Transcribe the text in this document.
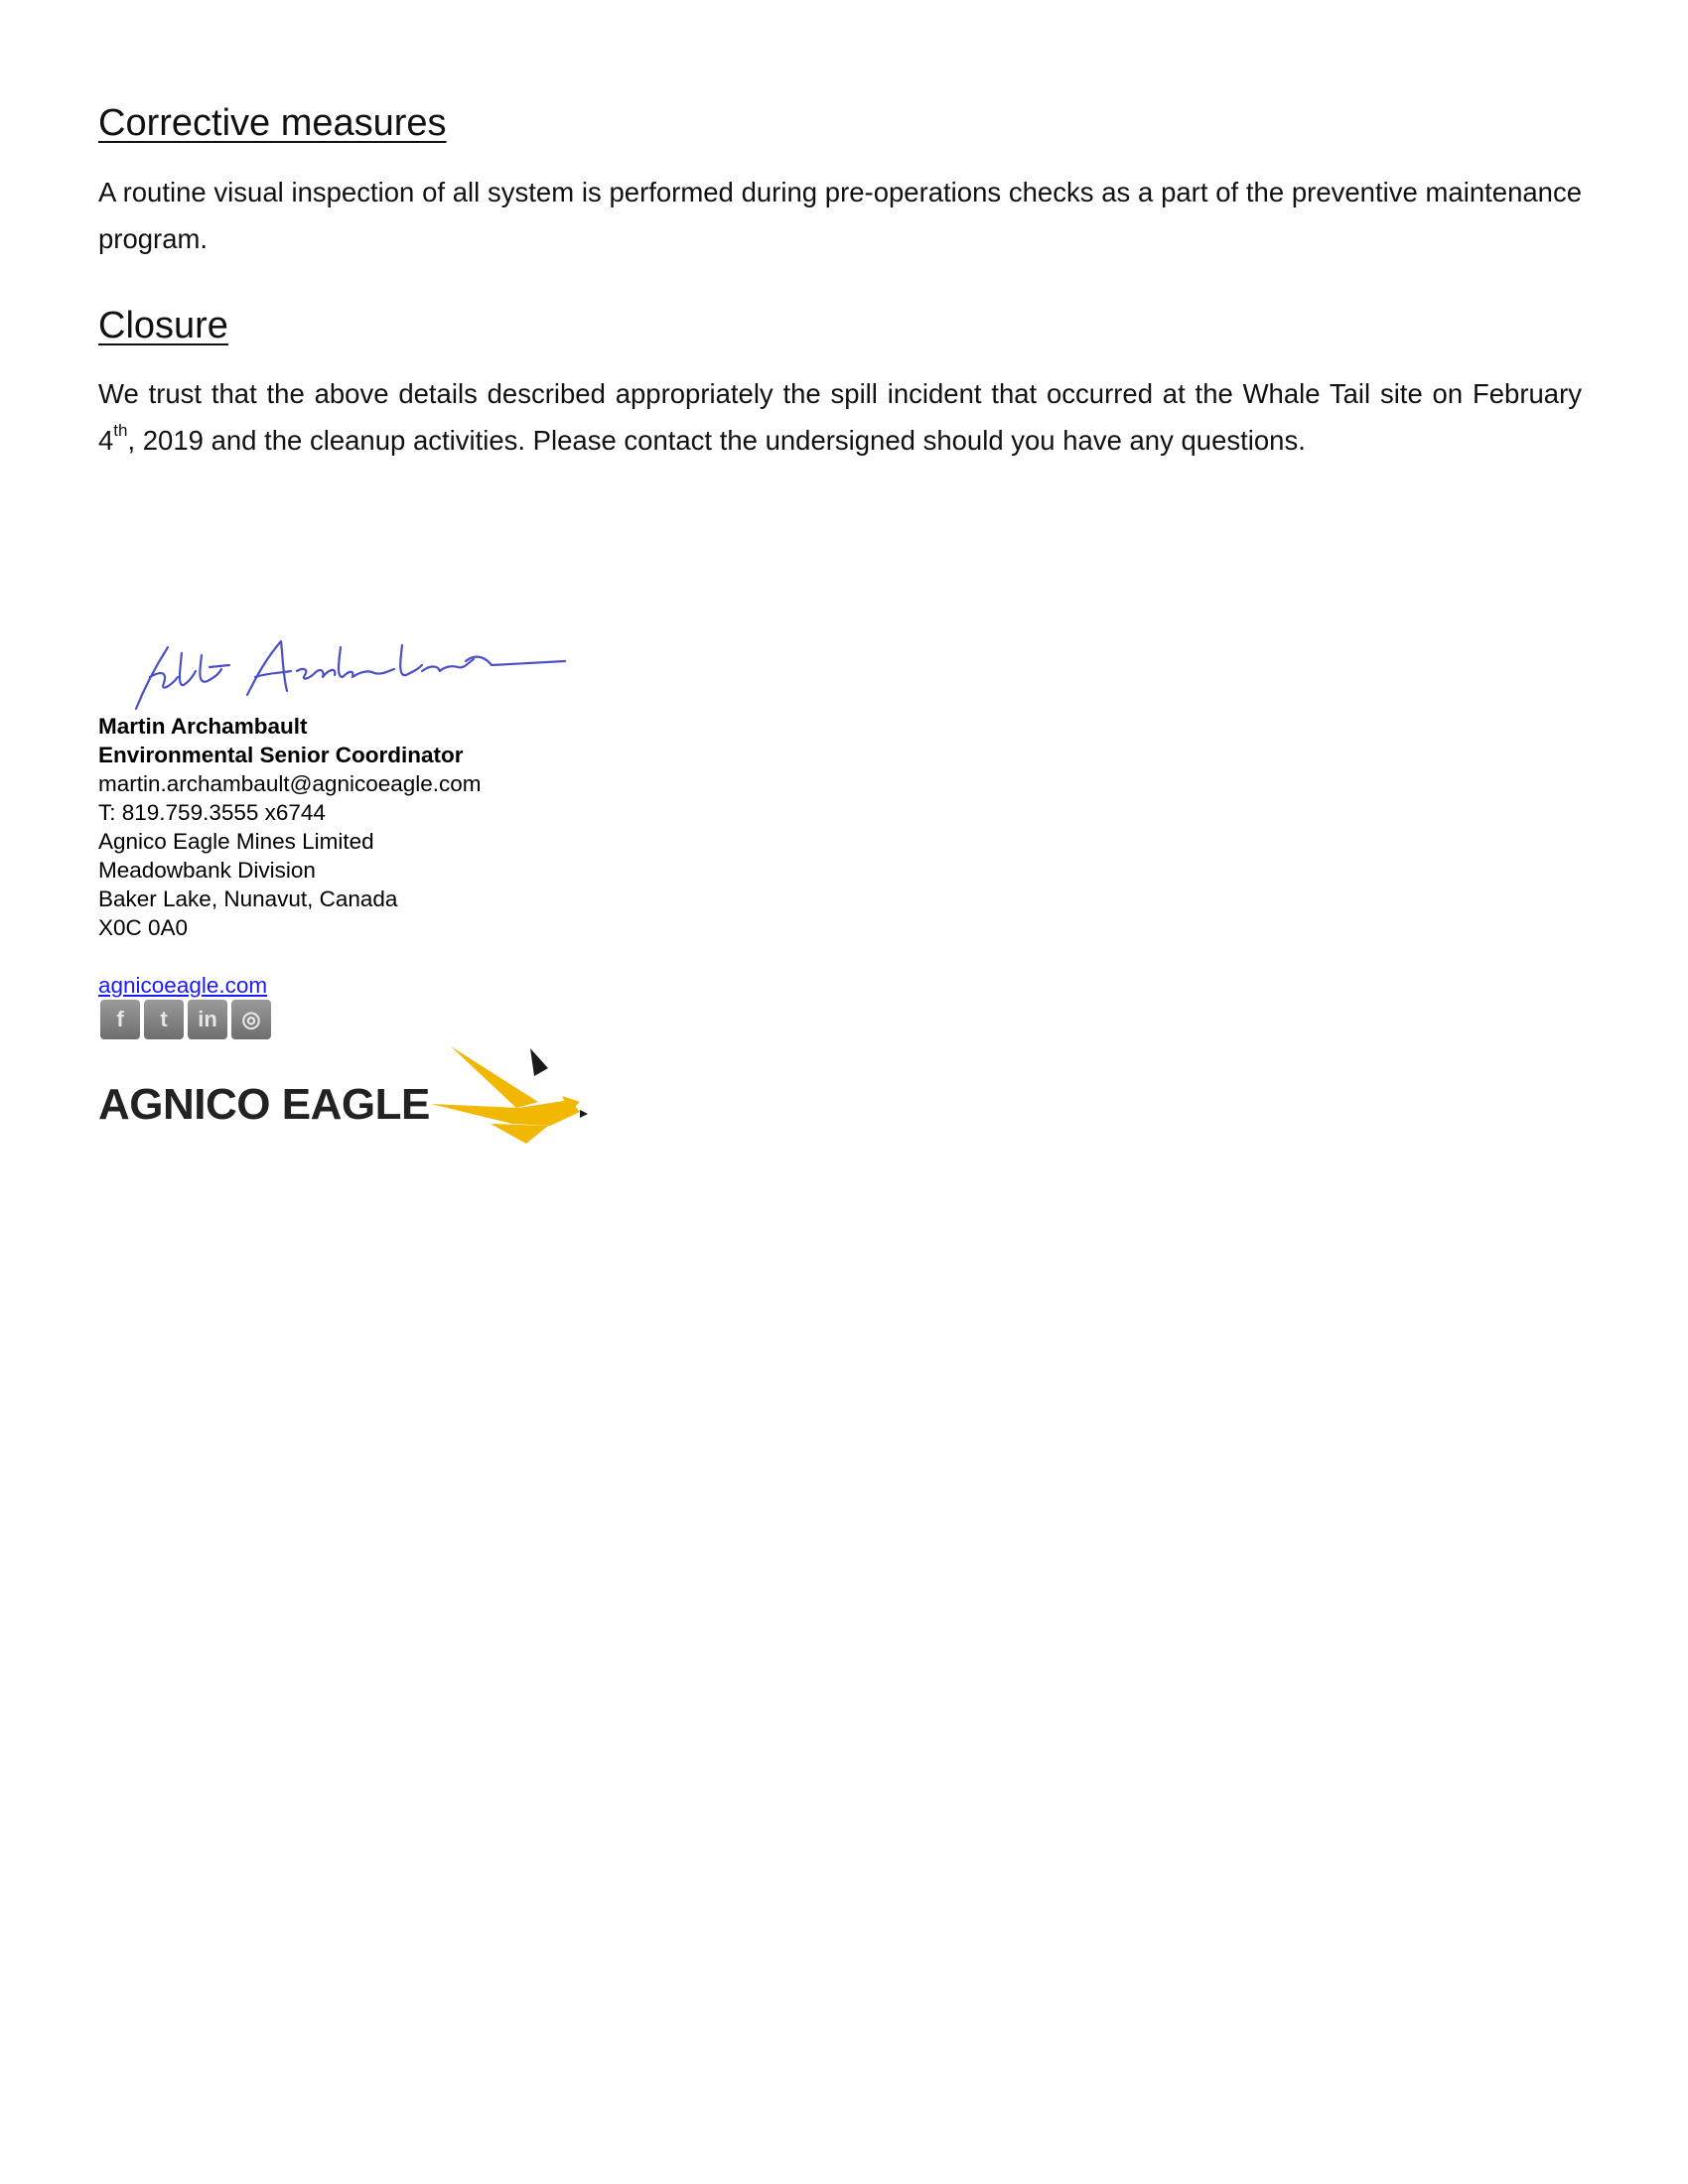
Corrective measures

A routine visual inspection of all system is performed during pre-operations checks as a part of the preventive maintenance program.

Closure

We trust that the above details described appropriately the spill incident that occurred at the Whale Tail site on February 4th, 2019 and the cleanup activities. Please contact the undersigned should you have any questions.

Martin Archambault
Environmental Senior Coordinator
martin.archambault@agnicoeagle.com
T: 819.759.3555 x6744
Agnico Eagle Mines Limited
Meadowbank Division
Baker Lake, Nunavut, Canada
X0C 0A0
agnicoeagle.com
f	t	in	◎
AGNICO EAGLE
